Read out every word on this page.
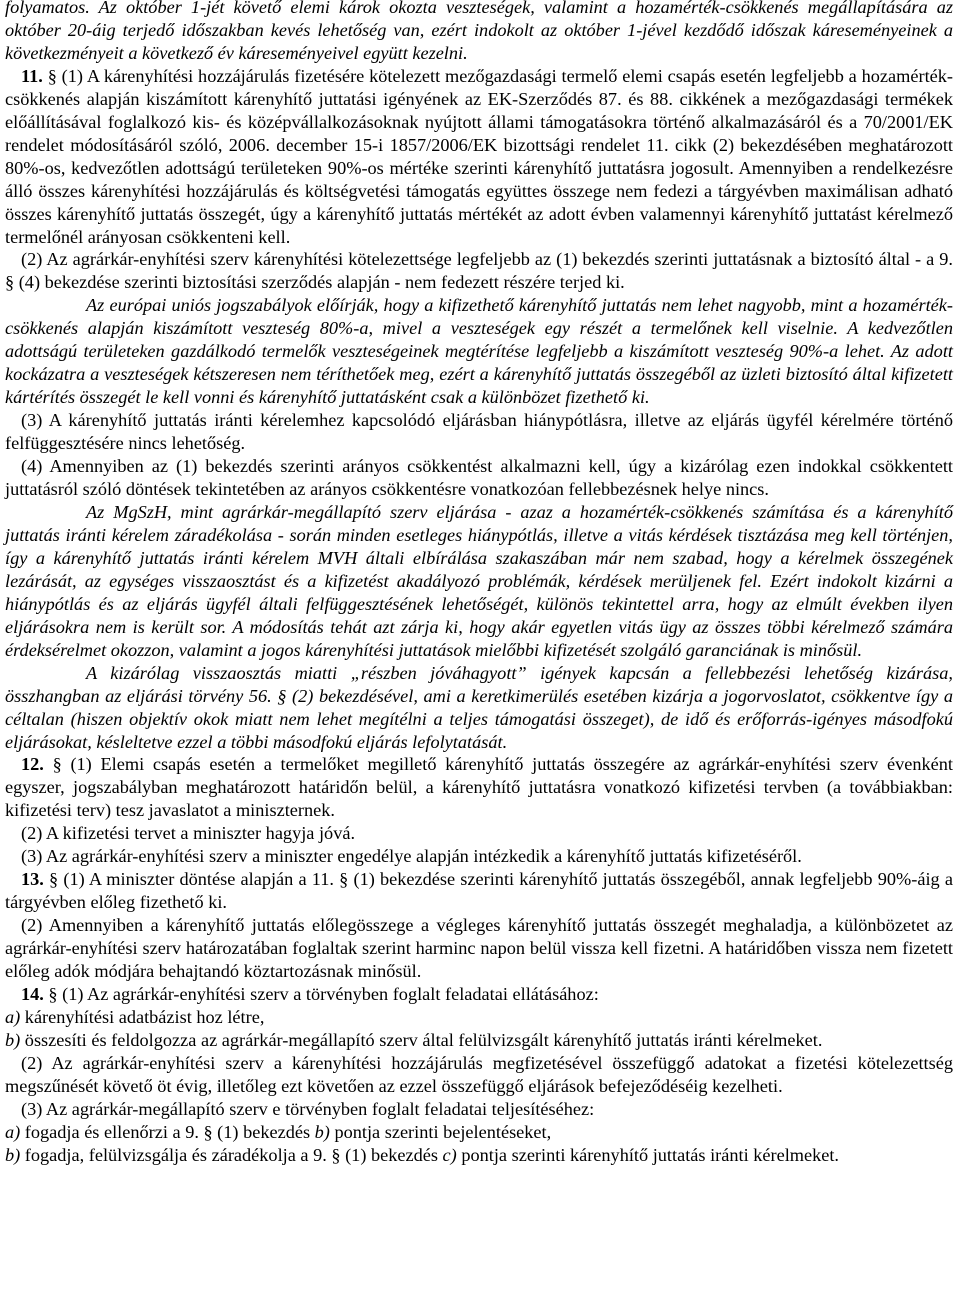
folyamatos. Az október 1-jét követő elemi károk okozta veszteségek, valamint a hozamérték-csökkenés megállapítására az október 20-áig terjedő időszakban kevés lehetőség van, ezért indokolt az október 1-jével kezdődő időszak káreseményeinek a következményeit a következő év káreseményeivel együtt kezelni.

11. § (1) A kárenyhítési hozzájárulás fizetésére kötelezett mezőgazdasági termelő elemi csapás esetén legfeljebb a hozamérték-csökkenés alapján kiszámított kárenyhítő juttatási igényének az EK-Szerződés 87. és 88. cikkének a mezőgazdasági termékek előállításával foglalkozó kis- és középvállalkozásoknak nyújtott állami támogatásokra történő alkalmazásáról és a 70/2001/EK rendelet módosításáról szóló, 2006. december 15-i 1857/2006/EK bizottsági rendelet 11. cikk (2) bekezdésében meghatározott 80%-os, kedvezőtlen adottságú területeken 90%-os mértéke szerinti kárenyhítő juttatásra jogosult. Amennyiben a rendelkezésre álló összes kárenyhítési hozzájárulás és költségvetési támogatás együttes összege nem fedezi a tárgyévben maximálisan adható összes kárenyhítő juttatás összegét, úgy a kárenyhítő juttatás mértékét az adott évben valamennyi kárenyhítő juttatást kérelmező termelőnél arányosan csökkenteni kell.

(2) Az agrárkár-enyhítési szerv kárenyhítési kötelezettsége legfeljebb az (1) bekezdés szerinti juttatásnak a biztosító által - a 9. § (4) bekezdése szerinti biztosítási szerződés alapján - nem fedezett részére terjed ki.

Az európai uniós jogszabályok előírják, hogy a kifizethető kárenyhítő juttatás nem lehet nagyobb, mint a hozamérték-csökkenés alapján kiszámított veszteség 80%-a, mivel a veszteségek egy részét a termelőnek kell viselnie. A kedvezőtlen adottságú területeken gazdálkodó termelők veszteségeinek megtérítése legfeljebb a kiszámított veszteség 90%-a lehet. Az adott kockázatra a veszteségek kétszeresen nem téríthetőek meg, ezért a kárenyhítő juttatás összegéből az üzleti biztosító által kifizetett kártérítés összegét le kell vonni és kárenyhítő juttatásként csak a különbözet fizethető ki.

(3) A kárenyhítő juttatás iránti kérelemhez kapcsolódó eljárásban hiánypótlásra, illetve az eljárás ügyfél kérelmére történő felfüggesztésére nincs lehetőség.

(4) Amennyiben az (1) bekezdés szerinti arányos csökkentést alkalmazni kell, úgy a kizárólag ezen indokkal csökkentett juttatásról szóló döntések tekintetében az arányos csökkentésre vonatkozóan fellebbezésnek helye nincs.

Az MgSzH, mint agrárkár-megállapító szerv eljárása - azaz a hozamérték-csökkenés számítása és a kárenyhítő juttatás iránti kérelem záradékolása - során minden esetleges hiánypótlás, illetve a vitás kérdések tisztázása meg kell történjen, így a kárenyhítő juttatás iránti kérelem MVH általi elbírálása szakaszában már nem szabad, hogy a kérelmek összegének lezárását, az egységes visszaosztást és a kifizetést akadályozó problémák, kérdések merüljenek fel. Ezért indokolt kizárni a hiánypótlás és az eljárás ügyfél általi felfüggesztésének lehetőségét, különös tekintettel arra, hogy az elmúlt években ilyen eljárásokra nem is került sor. A módosítás tehát azt zárja ki, hogy akár egyetlen vitás ügy az összes többi kérelmező számára érdeksérelmet okozzon, valamint a jogos kárenyhítési juttatások mielőbbi kifizetését szolgáló garanciának is minősül.

A kizárólag visszaosztás miatti „részben jóváhagyott” igények kapcsán a fellebbezési lehetőség kizárása, összhangban az eljárási törvény 56. § (2) bekezdésével, ami a keretkimerülés esetében kizárja a jogorvoslatot, csökkentve így a céltalan (hiszen objektív okok miatt nem lehet megítélni a teljes támogatási összeget), de idő és erőforrás-igényes másodfokú eljárásokat, késleltetve ezzel a többi másodfokú eljárás lefolytatását.

12. § (1) Elemi csapás esetén a termelőket megillető kárenyhítő juttatás összegére az agrárkár-enyhítési szerv évenként egyszer, jogszabályban meghatározott határidőn belül, a kárenyhítő juttatásra vonatkozó kifizetési tervben (a továbbiakban: kifizetési terv) tesz javaslatot a miniszternek.

(2) A kifizetési tervet a miniszter hagyja jóvá.

(3) Az agrárkár-enyhítési szerv a miniszter engedélye alapján intézkedik a kárenyhítő juttatás kifizetéséről.

13. § (1) A miniszter döntése alapján a 11. § (1) bekezdése szerinti kárenyhítő juttatás összegéből, annak legfeljebb 90%-áig a tárgyévben előleg fizethető ki.

(2) Amennyiben a kárenyhítő juttatás előlegösszege a végleges kárenyhítő juttatás összegét meghaladja, a különbözetet az agrárkár-enyhítési szerv határozatában foglaltak szerint harminc napon belül vissza kell fizetni. A határidőben vissza nem fizetett előleg adók módjára behajtandó köztartozásnak minősül.

14. § (1) Az agrárkár-enyhítési szerv a törvényben foglalt feladatai ellátásához:

a) kárenyhítési adatbázist hoz létre,

b) összesíti és feldolgozza az agrárkár-megállapító szerv által felülvizsgált kárenyhítő juttatás iránti kérelmeket.

(2) Az agrárkár-enyhítési szerv a kárenyhítési hozzájárulás megfizetésével összefüggő adatokat a fizetési kötelezettség megszűnését követő öt évig, illetőleg ezt követően az ezzel összefüggő eljárások befejeződéséig kezelheti.

(3) Az agrárkár-megállapító szerv e törvényben foglalt feladatai teljesítéséhez:

a) fogadja és ellenőrzi a 9. § (1) bekezdés b) pontja szerinti bejelentéseket,

b) fogadja, felülvizsgálja és záradékolja a 9. § (1) bekezdés c) pontja szerinti kárenyhítő juttatás iránti kérelmeket.
